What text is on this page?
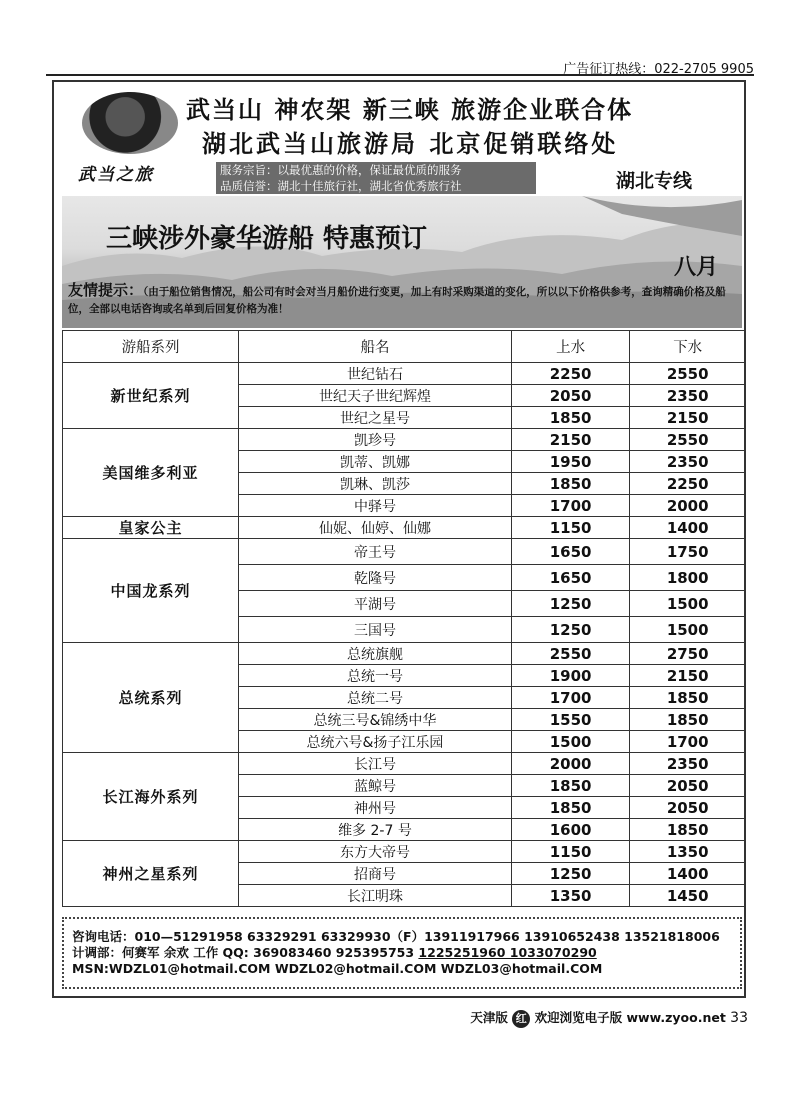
广告征订热线：022-2705 9905
武当之旅
武当山 神农架 新三峡 旅游企业联合体
湖北武当山旅游局 北京促销联络处
服务宗旨：以最优惠的价格，保证最优质的服务
品质信誉：湖北十佳旅行社，湖北省优秀旅行社	湖北专线
三峡涉外豪华游船 特惠预订
八月
友情提示：（由于船位销售情况，船公司有时会对当月船价进行变更，加上有时采购渠道的变化，所以以下价格供参考，查询精确价格及船位，全部以电话咨询或名单到后回复价格为准！
游船系列	船名	上水	下水
新世纪系列	世纪钻石	2250	2550
	世纪天子世纪辉煌	2050	2350
	世纪之星号	1850	2150
美国维多利亚	凯珍号	2150	2550
	凯蒂、凯娜	1950	2350
	凯琳、凯莎	1850	2250
	中驿号	1700	2000
皇家公主	仙妮、仙婷、仙娜	1150	1400
中国龙系列	帝王号	1650	1750
	乾隆号	1650	1800
	平湖号	1250	1500
	三国号	1250	1500
总统系列	总统旗舰	2550	2750
	总统一号	1900	2150
	总统二号	1700	1850
	总统三号&锦绣中华	1550	1850
	总统六号&扬子江乐园	1500	1700
长江海外系列	长江号	2000	2350
	蓝鲸号	1850	2050
	神州号	1850	2050
	维多 2-7 号	1600	1850
神州之星系列	东方大帝号	1150	1350
	招商号	1250	1400
	长江明珠	1350	1450
咨询电话：010—51291958 63329291 63329930（F）13911917966 13910652438 13521818006
计调部：何赛军 余欢 工作 QQ: 369083460 925395753 1225251960 1033070290
MSN:WDZL01@hotmail.COM WDZL02@hotmail.COM WDZL03@hotmail.COM
天津版 红 欢迎浏览电子版 www.zyoo.net 33
